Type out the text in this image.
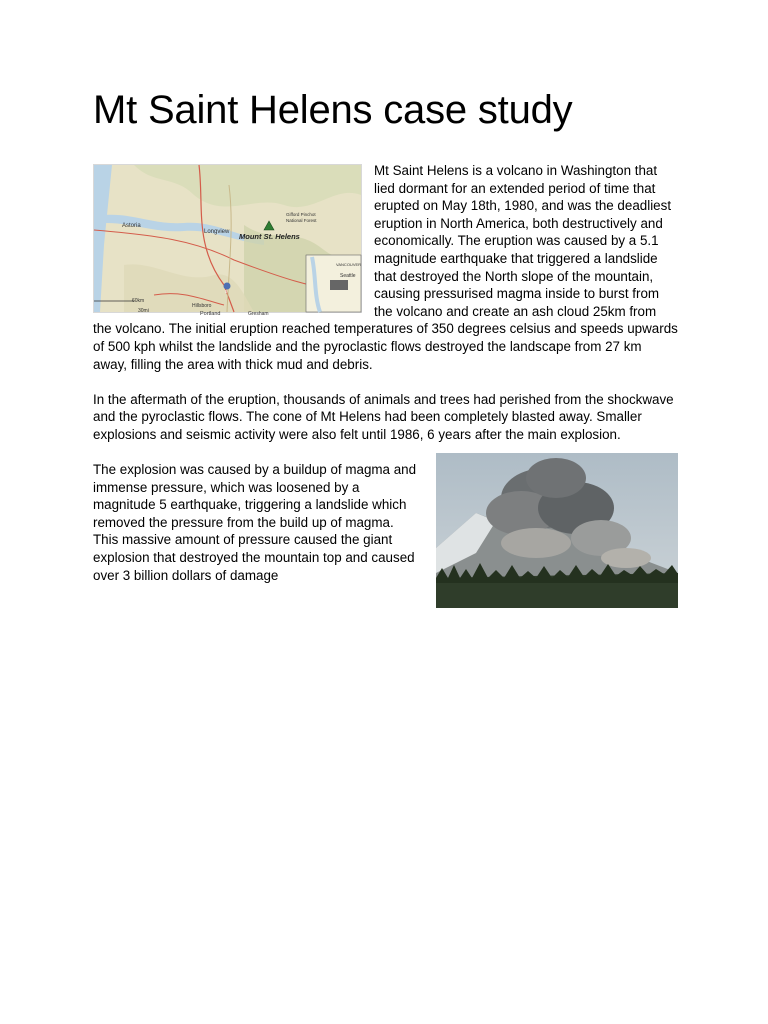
Mt Saint Helens case study

Astoria
Longview Mount St. Helens
Gifford Pinchot National Forest
VANCOUVER
Seattle
60km
30mi
Hillsboro
Portland	Gresham
5
Mt Saint Helens is a volcano in Washington that lied dormant for an extended period of time that erupted on May 18th, 1980, and was the deadliest eruption in North America, both destructively and economically. The eruption was caused by a 5.1 magnitude earthquake that triggered a landslide that destroyed the North slope of the mountain, causing pressurised magma inside to burst from the volcano and create an ash cloud 25km from the volcano. The initial eruption reached temperatures of 350 degrees celsius and speeds upwards of 500 kph whilst the landslide and the pyroclastic flows destroyed the landscape from 27 km away, filling the area with thick mud and debris.

In the aftermath of the eruption, thousands of animals and trees had perished from the shockwave and the pyroclastic flows. The cone of Mt Helens had been completely blasted away. Smaller explosions and seismic activity were also felt until 1986, 6 years after the main explosion.

The explosion was caused by a buildup of magma and immense pressure, which was loosened by a magnitude 5 earthquake, triggering a landslide which removed the pressure from the build up of magma. This massive amount of pressure caused the giant explosion that destroyed the mountain top and caused over 3 billion dollars of damage
